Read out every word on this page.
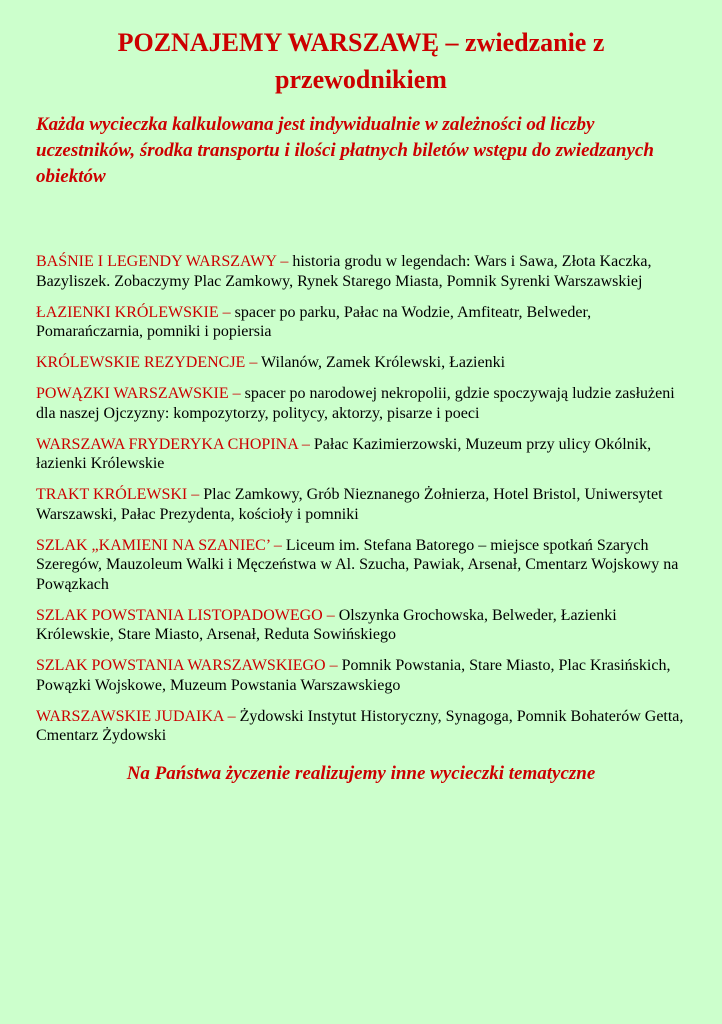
POZNAJEMY WARSZAWĘ – zwiedzanie z przewodnikiem

Każda wycieczka kalkulowana jest indywidualnie w zależności od liczby uczestników, środka transportu i ilości płatnych biletów wstępu do zwiedzanych obiektów

BAŚNIE I LEGENDY WARSZAWY – historia grodu w legendach: Wars i Sawa, Złota Kaczka, Bazyliszek. Zobaczymy Plac Zamkowy, Rynek Starego Miasta, Pomnik Syrenki Warszawskiej

ŁAZIENKI KRÓLEWSKIE – spacer po parku, Pałac na Wodzie, Amfiteatr, Belweder, Pomarańczarnia, pomniki i popiersia

KRÓLEWSKIE REZYDENCJE – Wilanów, Zamek Królewski, Łazienki

POWĄZKI WARSZAWSKIE – spacer po narodowej nekropolii, gdzie spoczywają ludzie zasłużeni dla naszej Ojczyzny: kompozytorzy, politycy, aktorzy, pisarze i poeci

WARSZAWA FRYDERYKA CHOPINA – Pałac Kazimierzowski, Muzeum przy ulicy Okólnik, łazienki Królewskie

TRAKT KRÓLEWSKI – Plac Zamkowy, Grób Nieznanego Żołnierza, Hotel Bristol, Uniwersytet Warszawski, Pałac Prezydenta, kościoły i pomniki

SZLAK „KAMIENI NA SZANIEC’ – Liceum im. Stefana Batorego – miejsce spotkań Szarych Szeregów, Mauzoleum Walki i Męczeństwa w Al. Szucha, Pawiak, Arsenał, Cmentarz Wojskowy na Powązkach

SZLAK POWSTANIA LISTOPADOWEGO – Olszynka Grochowska, Belweder, Łazienki Królewskie, Stare Miasto, Arsenał, Reduta Sowińskiego

SZLAK POWSTANIA WARSZAWSKIEGO – Pomnik Powstania, Stare Miasto, Plac Krasińskich, Powązki Wojskowe, Muzeum Powstania Warszawskiego

WARSZAWSKIE JUDAIKA – Żydowski Instytut Historyczny, Synagoga, Pomnik Bohaterów Getta, Cmentarz Żydowski

Na Państwa życzenie realizujemy inne wycieczki tematyczne
